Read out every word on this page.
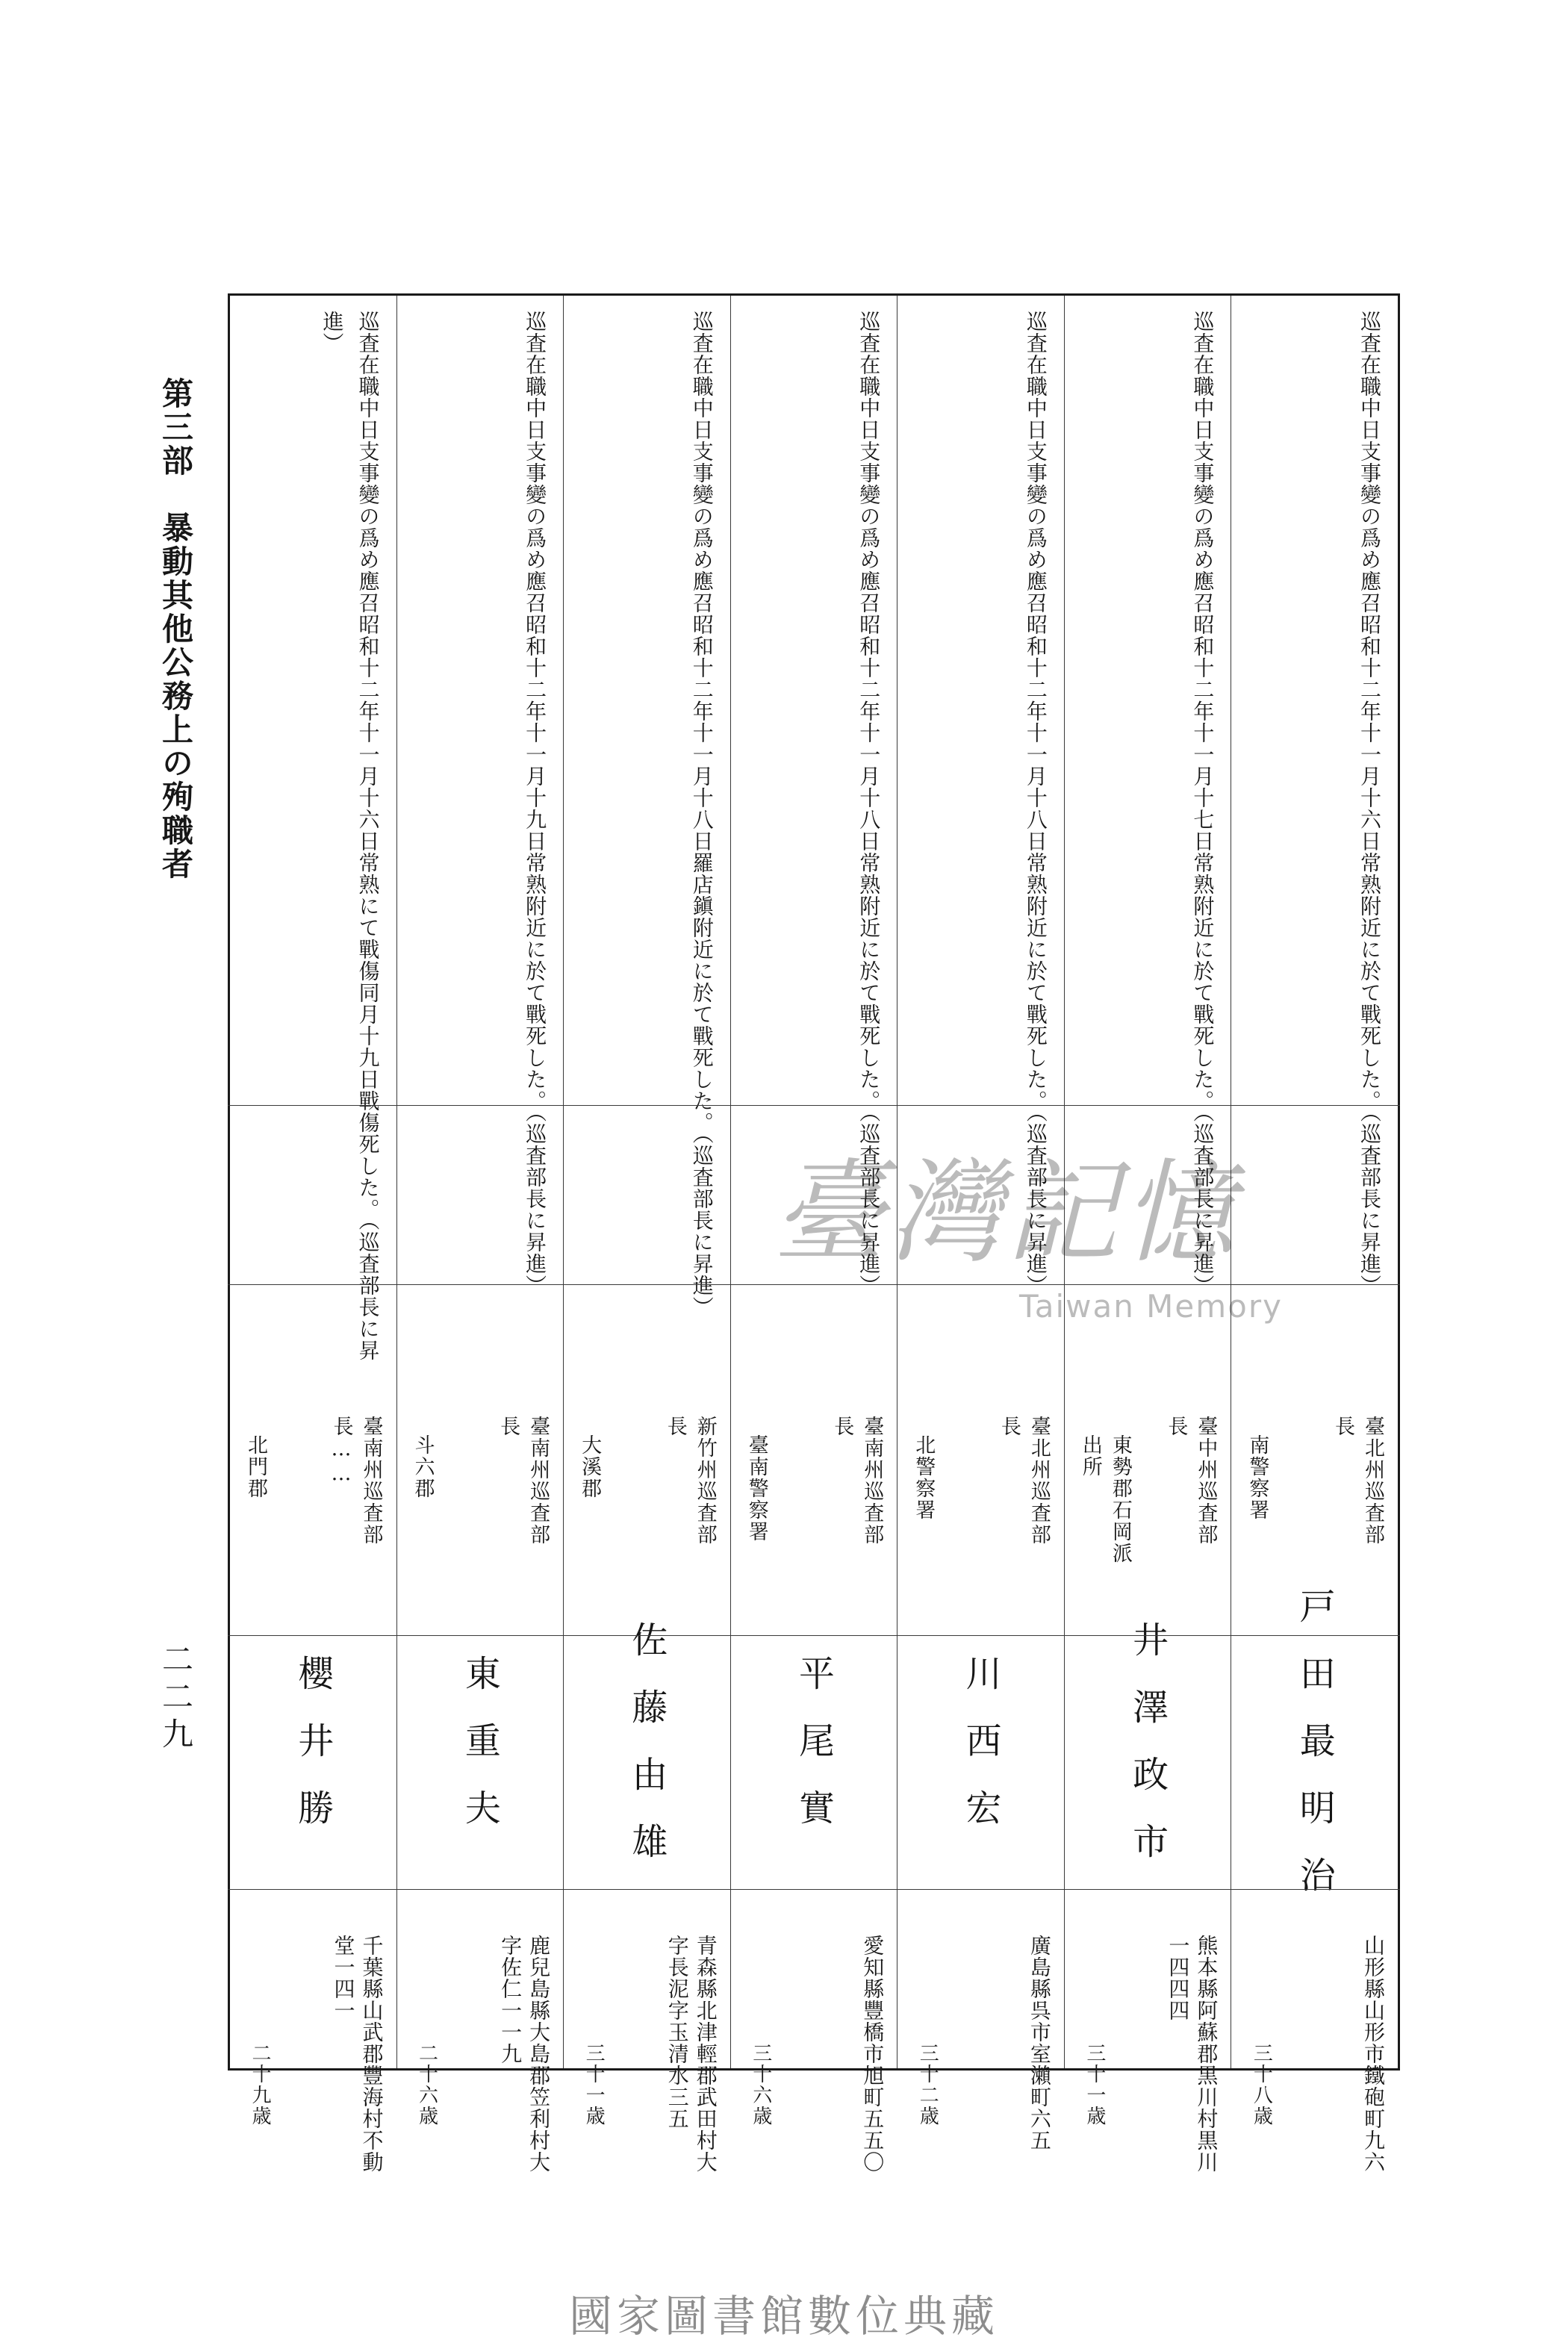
第三部　暴動其他公務上の殉職者
二二九
巡査在職中日支事變の爲め應召昭和十二年十一月十六日常熟附近に於て戰死した。（巡査部長に昇進）
臺北州巡査部長
南警察署
戸田最明治
山形縣山形市鐵砲町九六
三十八歳
巡査在職中日支事變の爲め應召昭和十二年十一月十七日常熟附近に於て戰死した。（巡査部長に昇進）
臺中州巡査部長
東勢郡石岡派出所
井澤政市
熊本縣阿蘇郡黒川村黒川一四四四
三十一歳
巡査在職中日支事變の爲め應召昭和十二年十一月十八日常熟附近に於て戰死した。（巡査部長に昇進）
臺北州巡査部長
北警察署
川西宏
廣島縣呉市室瀨町六五
三十二歳
巡査在職中日支事變の爲め應召昭和十二年十一月十八日常熟附近に於て戰死した。（巡査部長に昇進）
臺南州巡査部長
臺南警察署
平尾實
愛知縣豐橋市旭町五五〇
三十六歳
巡査在職中日支事變の爲め應召昭和十二年十一月十八日羅店鎭附近に於て戰死した。（巡査部長に昇進）
新竹州巡査部長
大溪郡
佐藤由雄
青森縣北津輕郡武田村大字長泥字玉清水三五
三十一歳
巡査在職中日支事變の爲め應召昭和十二年十一月十九日常熟附近に於て戰死した。（巡査部長に昇進）
臺南州巡査部長
斗六郡
東重夫
鹿兒島縣大島郡笠利村大字佐仁一一九
二十六歳
巡査在職中日支事變の爲め應召昭和十二年十一月十六日常熟にて戰傷同月十九日戰傷死した。（巡査部長に昇進）
臺南州巡査部長……
北門郡
櫻井勝
千葉縣山武郡豐海村不動堂一四一
二十九歳
臺灣記憶
Taiwan Memory
國家圖書館數位典藏
